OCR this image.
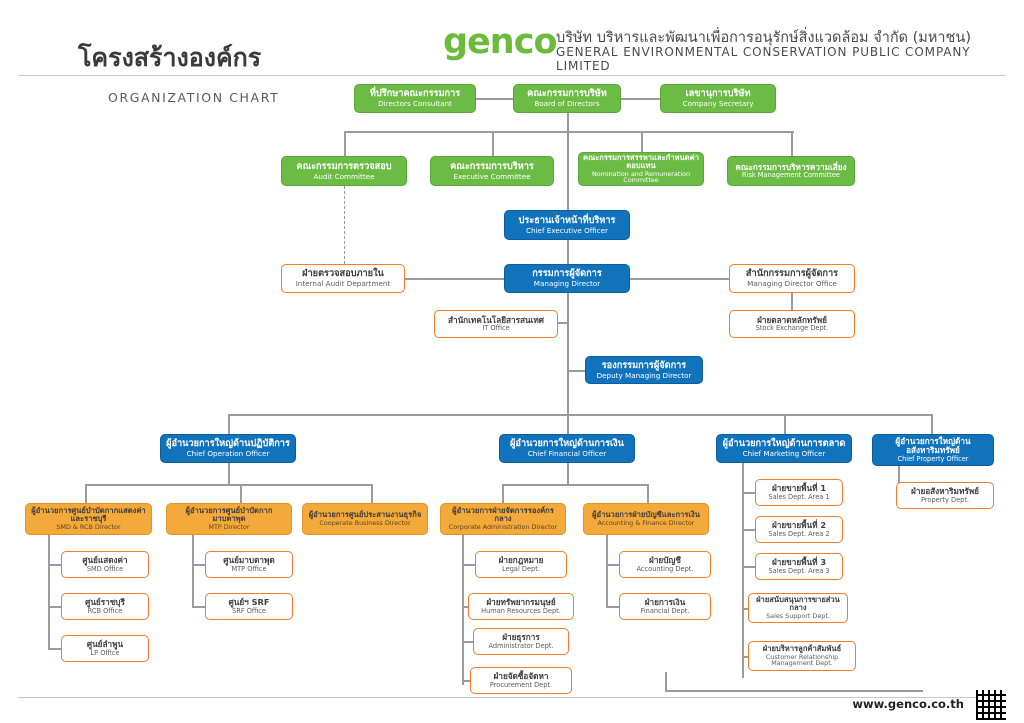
โครงสร้างองค์กร
ORGANIZATION CHART
genco บริษัท บริหารและพัฒนาเพื่อการอนุรักษ์สิ่งแวดล้อม จำกัด (มหาชน)
GENERAL ENVIRONMENTAL CONSERVATION PUBLIC COMPANY LIMITED
ที่ปรึกษาคณะกรรมการ
Directors Consultant
คณะกรรมการบริษัท
Board of Directors
เลขานุการบริษัท
Company Secretary
คณะกรรมการตรวจสอบ
Audit Committee
คณะกรรมการบริหาร
Executive Committee
คณะกรรมการสรรหาและกำหนดค่าตอบแทน
Nomination and Remuneration Committee
คณะกรรมการบริหารความเสี่ยง
Risk Management Committee
ประธานเจ้าหน้าที่บริหาร
Chief Executive Officer
ฝ่ายตรวจสอบภายใน
Internal Audit Department
กรรมการผู้จัดการ
Managing Director
สำนักกรรมการผู้จัดการ
Managing Director Office
สำนักเทคโนโลยีสารสนเทศ
IT Office
ฝ่ายตลาดหลักทรัพย์
Stock Exchange Dept.
รองกรรมการผู้จัดการ
Deputy Managing Director
ผู้อำนวยการใหญ่ด้านปฏิบัติการ
Chief Operation Officer
ผู้อำนวยการใหญ่ด้านการเงิน
Chief Financial Officer
ผู้อำนวยการใหญ่ด้านการตลาด
Chief Marketing Officer
ผู้อำนวยการใหญ่ด้านอสังหาริมทรัพย์
Chief Property Officer
ผู้อำนวยการศูนย์บำบัดกากแสดงค่าและราชบุรี
SMD & RCB Director
ผู้อำนวยการศูนย์บำบัดกากมาบตาพุด
MTP Director
ผู้อำนวยการศูนย์ประสานงานธุรกิจ
Cooperate Business Director
ผู้อำนวยการฝ่ายจัดการรองค์กรกลาง
Corporate Administration Director
ผู้อำนวยการฝ่ายบัญชีและการเงิน
Accounting & Finance Director
ศูนย์แสดงค่า
SMD Office
ศูนย์ราชบุรี
RCB Office
ศูนย์ลำพูน
LP Office
ศูนย์มาบตาพุด
MTP Office
ศูนย์ฯ SRF
SRF Office
ฝ่ายกฎหมาย
Legal Dept.
ฝ่ายทรัพยากรมนุษย์
Human Resources Dept.
ฝ่ายธุรการ
Administrator Dept.
ฝ่ายจัดซื้อจัดหา
Procurement Dept.
ฝ่ายบัญชี
Accounting Dept.
ฝ่ายการเงิน
Financial Dept.
ฝ่ายขายพื้นที่ 1
Sales Dept. Area 1
ฝ่ายขายพื้นที่ 2
Sales Dept. Area 2
ฝ่ายขายพื้นที่ 3
Sales Dept. Area 3
ฝ่ายสนับสนุนการขายส่วนกลาง
Sales Support Dept.
ฝ่ายบริหารลูกค้าสัมพันธ์
Customer Relationship Management Dept.
ฝ่ายอสังหาริมทรัพย์
Property Dept.
www.genco.co.th
